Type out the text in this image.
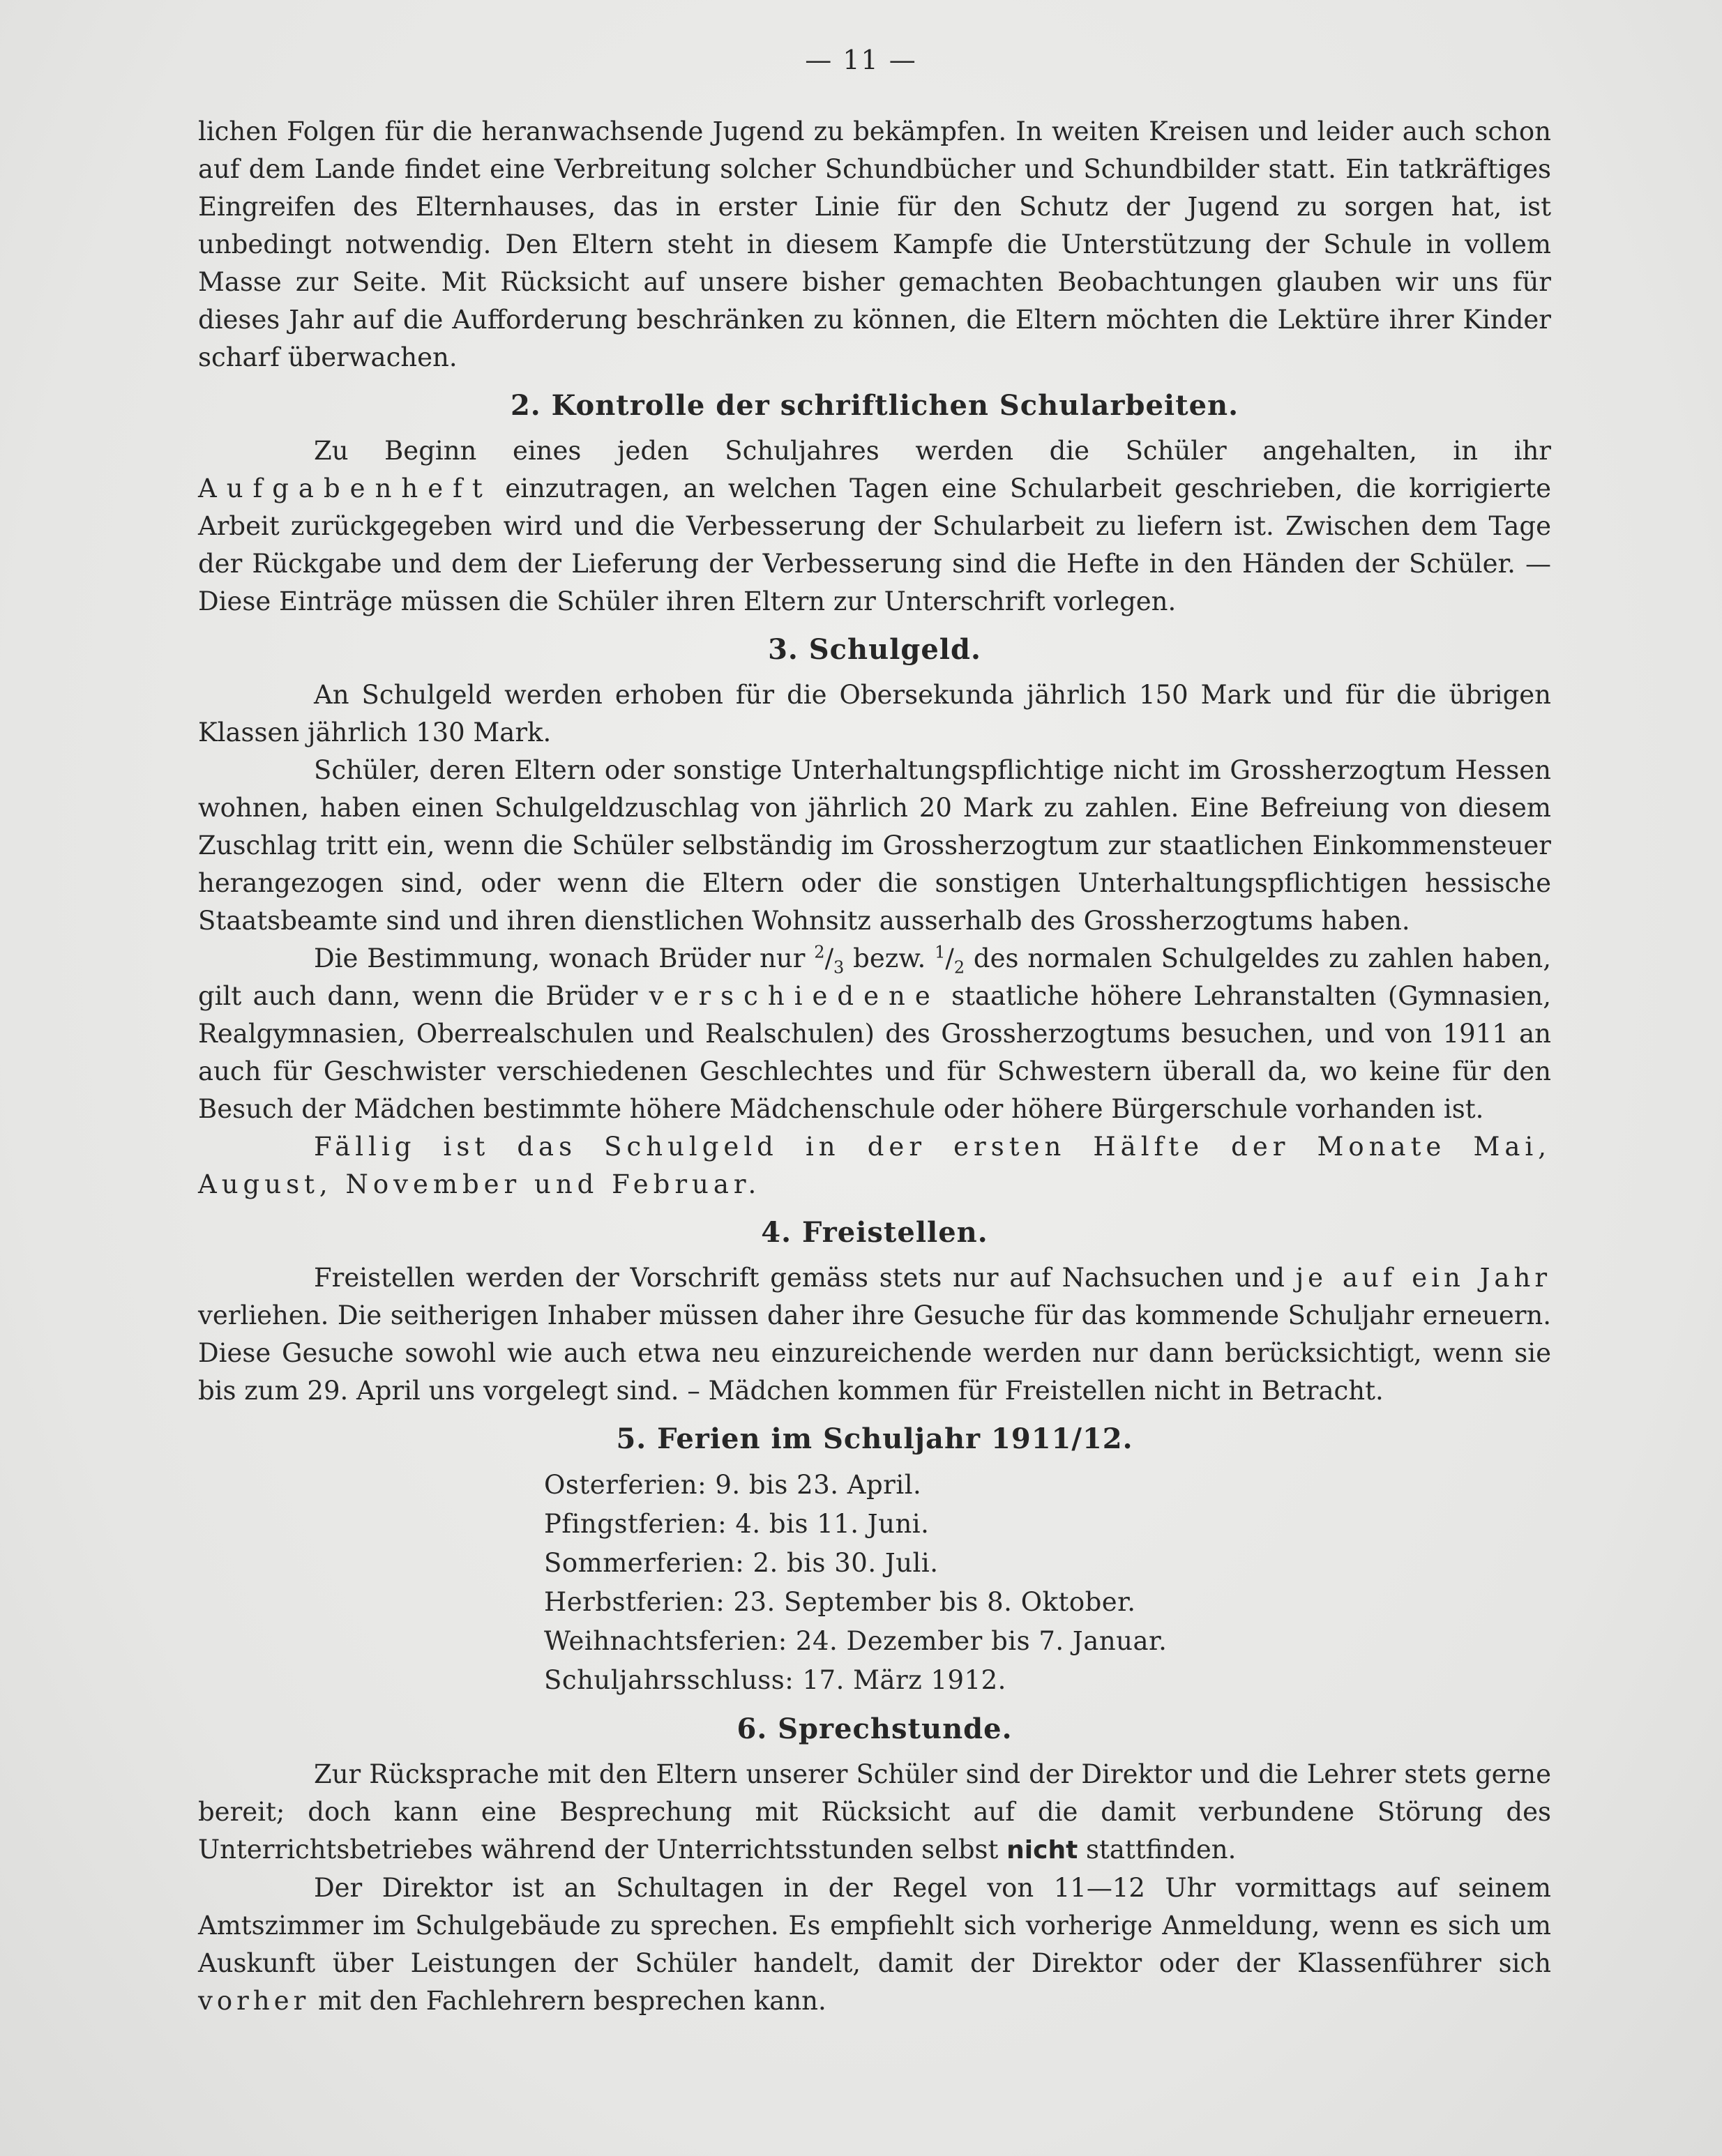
— 11 —

lichen Folgen für die heranwachsende Jugend zu bekämpfen. In weiten Kreisen und leider auch schon auf dem Lande findet eine Verbreitung solcher Schundbücher und Schundbilder statt. Ein tatkräftiges Eingreifen des Elternhauses, das in erster Linie für den Schutz der Jugend zu sorgen hat, ist unbedingt notwendig. Den Eltern steht in diesem Kampfe die Unterstützung der Schule in vollem Masse zur Seite. Mit Rücksicht auf unsere bisher gemachten Beobachtungen glauben wir uns für dieses Jahr auf die Aufforderung beschränken zu können, die Eltern möchten die Lektüre ihrer Kinder scharf überwachen.

2. Kontrolle der schriftlichen Schularbeiten.

Zu Beginn eines jeden Schuljahres werden die Schüler angehalten, in ihr Aufgabenheft einzutragen, an welchen Tagen eine Schularbeit geschrieben, die korrigierte Arbeit zurückgegeben wird und die Verbesserung der Schularbeit zu liefern ist. Zwischen dem Tage der Rückgabe und dem der Lieferung der Verbesserung sind die Hefte in den Händen der Schüler. — Diese Einträge müssen die Schüler ihren Eltern zur Unterschrift vorlegen.

3. Schulgeld.

An Schulgeld werden erhoben für die Obersekunda jährlich 150 Mark und für die übrigen Klassen jährlich 130 Mark.

Schüler, deren Eltern oder sonstige Unterhaltungspflichtige nicht im Grossherzogtum Hessen wohnen, haben einen Schulgeldzuschlag von jährlich 20 Mark zu zahlen. Eine Befreiung von diesem Zuschlag tritt ein, wenn die Schüler selbständig im Grossherzogtum zur staatlichen Einkommensteuer herangezogen sind, oder wenn die Eltern oder die sonstigen Unterhaltungspflichtigen hessische Staatsbeamte sind und ihren dienstlichen Wohnsitz ausserhalb des Grossherzogtums haben.

Die Bestimmung, wonach Brüder nur $^2/_3$ bezw. $^1/_2$ des normalen Schulgeldes zu zahlen haben, gilt auch dann, wenn die Brüder verschiedene staatliche höhere Lehranstalten (Gymnasien, Realgymnasien, Oberrealschulen und Realschulen) des Grossherzogtums besuchen, und von 1911 an auch für Geschwister verschiedenen Geschlechtes und für Schwestern überall da, wo keine für den Besuch der Mädchen bestimmte höhere Mädchenschule oder höhere Bürgerschule vorhanden ist.

Fällig ist das Schulgeld in der ersten Hälfte der Monate Mai, August, November und Februar.

4. Freistellen.

Freistellen werden der Vorschrift gemäss stets nur auf Nachsuchen und je auf ein Jahr verliehen. Die seitherigen Inhaber müssen daher ihre Gesuche für das kommende Schuljahr erneuern. Diese Gesuche sowohl wie auch etwa neu einzureichende werden nur dann berücksichtigt, wenn sie bis zum 29. April uns vorgelegt sind. – Mädchen kommen für Freistellen nicht in Betracht.

5. Ferien im Schuljahr 1911/12.
Osterferien: 9. bis 23. April.
Pfingstferien: 4. bis 11. Juni.
Sommerferien: 2. bis 30. Juli.
Herbstferien: 23. September bis 8. Oktober.
Weihnachtsferien: 24. Dezember bis 7. Januar.
Schuljahrsschluss: 17. März 1912.
6. Sprechstunde.

Zur Rücksprache mit den Eltern unserer Schüler sind der Direktor und die Lehrer stets gerne bereit; doch kann eine Besprechung mit Rücksicht auf die damit verbundene Störung des Unterrichtsbetriebes während der Unterrichtsstunden selbst nicht stattfinden.

Der Direktor ist an Schultagen in der Regel von 11—12 Uhr vormittags auf seinem Amtszimmer im Schulgebäude zu sprechen. Es empfiehlt sich vorherige Anmeldung, wenn es sich um Auskunft über Leistungen der Schüler handelt, damit der Direktor oder der Klassenführer sich vorher mit den Fachlehrern besprechen kann.
